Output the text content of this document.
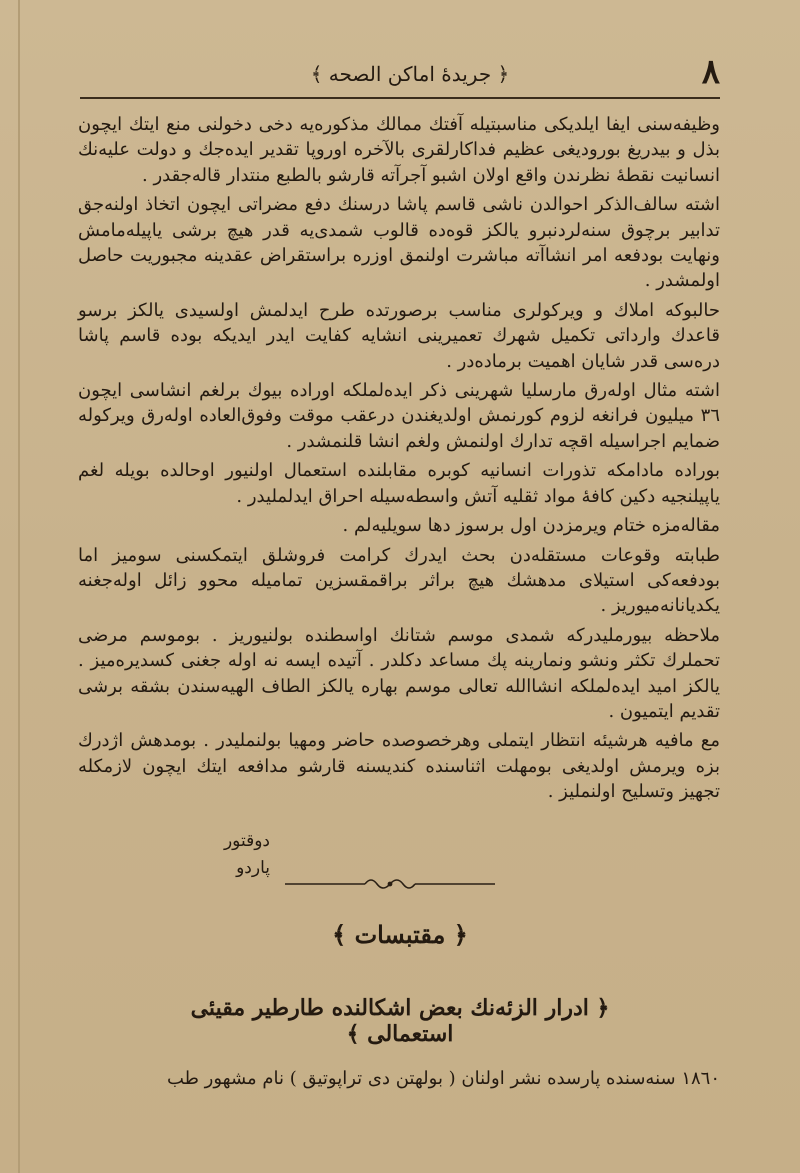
٨
﴿ جریدهٔ اماکن الصحه ﴾

وظیفه‌سنی ایفا ایلدیکی مناسبتیله آفتك ممالك مذکوره‌یه دخی دخولنی منع ایتك ایچون بذل و بیدریغ بوروديغی عظیم فداكارلقری بالآخره اوروپا تقدیر ایده‌جك و دولت علیه‌نك انسانیت نقطهٔ نظرندن واقع اولان اشبو آجرآته قارشو بالطبع منتدار قاله‌جقدر .

اشته سالف‌الذکر احوالدن ناشی قاسم پاشا درسنك دفع مضراتی ایچون اتخاذ اولنه‌جق تدابیر برچوق سنه‌لردنبرو یالکز قوه‌ده قالوب شمدی‌یه قدر هیچ برشی یاپیله‌مامش ونهایت بودفعه امر انشاآته مباشرت اولنمق اوزره براستقراض عقدینه مجبوریت حاصل اولمشدر .

حالبوکه املاك و ویرکولری مناسب برصورتده طرح ایدلمش اولسیدی یالکز برسو قاعدك وارداتی تکمیل شهرك تعمیرینی انشایه کفایت ایدر ایدیکه بوده قاسم پاشا دره‌سی قدر شایان اهمیت برماده‌در .

اشته مثال اوله‌رق مارسلیا شهرینی ذکر ایده‌لملکه اوراده بیوك برلغم انشاسی ایچون ٣٦ میلیون فرانغه لزوم کورنمش اولدیغندن درعقب موقت وفوق‌العاده اوله‌رق ویرکوله ضمایم اجراسیله اقچه تدارك اولنمش ولغم انشا قلنمشدر .

بوراده مادامکه تذورات انسانیه کوبره مقابلنده استعمال اولنیور اوحالده بویله لغم یاپیلنجیه دکین کافهٔ مواد ثقلیه آتش واسطه‌سیله احراق ایدلملیدر .

مقاله‌مزه ختام ویرمزدن اول برسوز دها سویلیه‌لم .

طبابته وقوعات مستقله‌دن بحث ایدرك کرامت فروشلق ایتمکسنی سومیز اما بودفعه‌کی استیلای مدهشك هیچ براثر براقمقسزین تمامیله محوو زائل اوله‌جغنه یکدیانانه‌میوریز .

ملاحظه بیورملیدرکه شمدی موسم شتانك اواسطنده بولنیوریز . بوموسم مرضی تحملرك تکثر ونشو ونمارینه پك مساعد دکلدر . آتیده ایسه نه اوله جغنی کسدیره‌میز . یالکز امید ایده‌لملکه انشاالله تعالی موسم بهاره یالکز الطاف الهیه‌سندن بشقه برشی تقدیم ایتمیون .

مع مافیه هرشیئه انتظار ایتملی وهرخصوصده حاضر ومهیا بولنملیدر . بومدهش اژدرك بزه ویرمش اولدیغی بومهلت اثناسنده کندیسنه قارشو مدافعه ایتك ایچون لازمکله تجهیز وتسلیح اولنملیز .

دوقتور
پاردو
﴿ مقتبسات ﴾
﴿ ادرار الزئه‌نك بعض اشکالنده طارطیر مقیئی استعمالی ﴾
١٨٦٠ سنه‌سنده پارسده نشر اولنان ( بولهتن دی تراپوتیق ) نام مشهور طب
